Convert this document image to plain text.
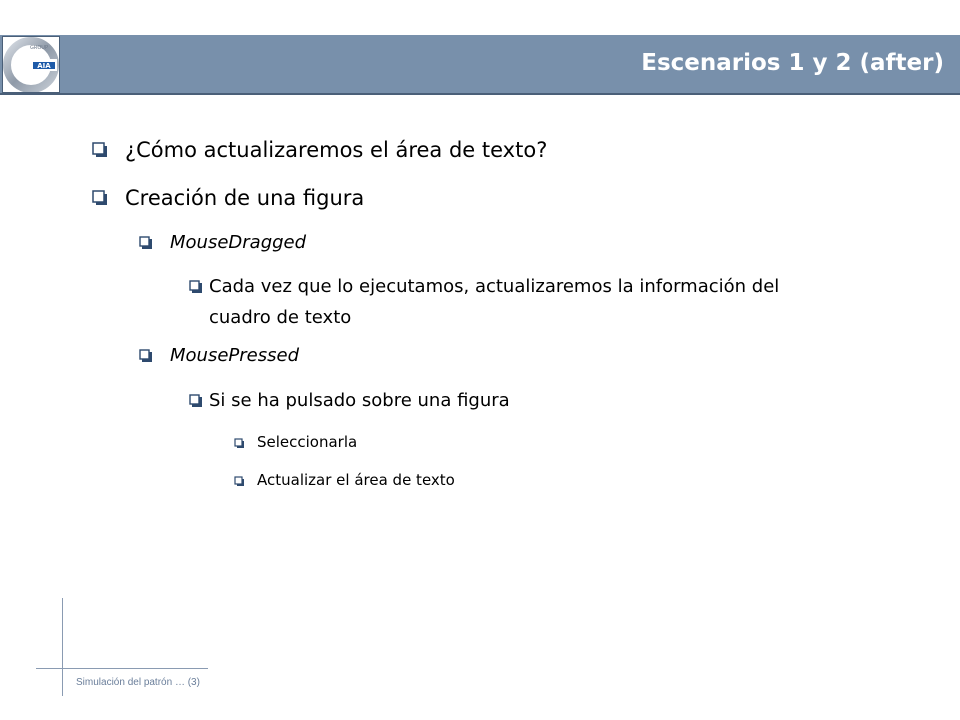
AIA
GROUP
Escenarios 1 y 2 (after)
¿Cómo actualizaremos el área de texto?
Creación de una figura
MouseDragged
Cada vez que lo ejecutamos, actualizaremos la información del
cuadro de texto
MousePressed
Si se ha pulsado sobre una figura
Seleccionarla
Actualizar el área de texto
Simulación del patrón … (3)
